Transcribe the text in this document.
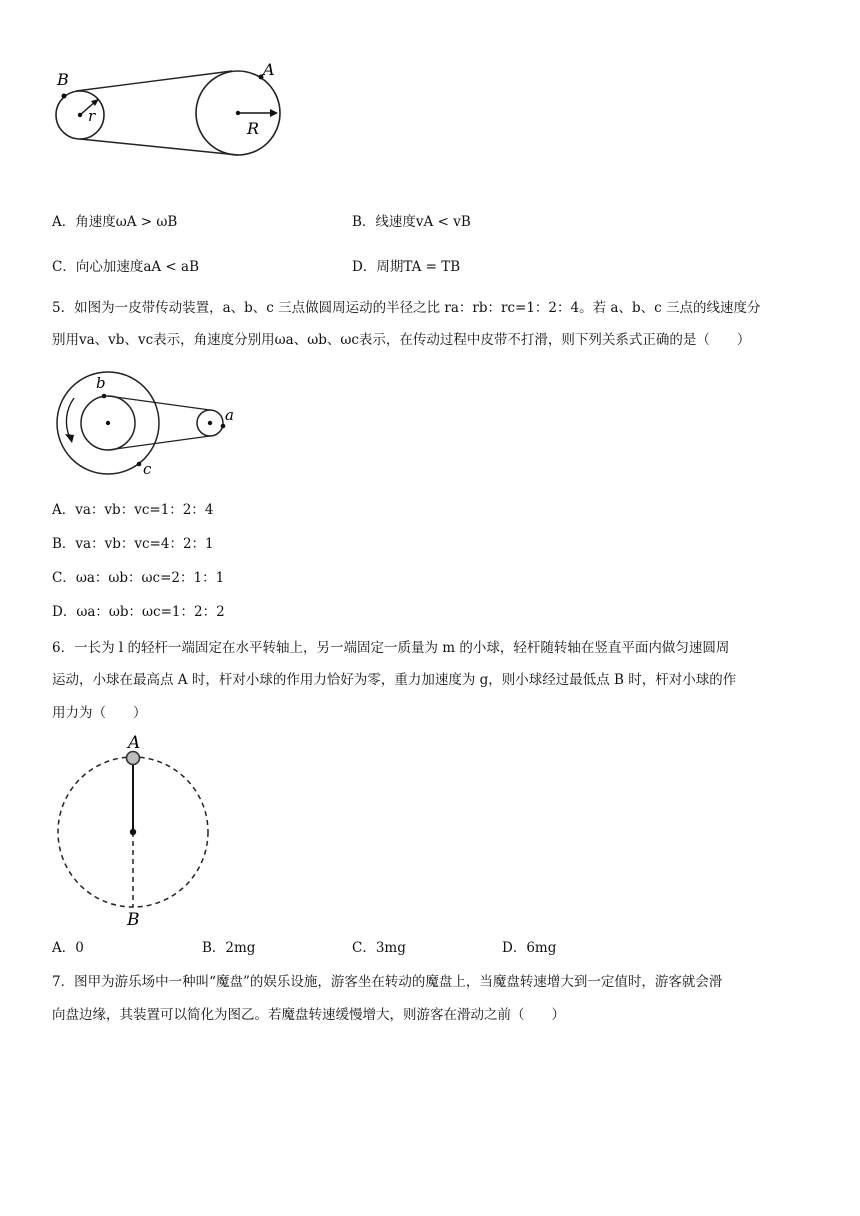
B
A
r
R
A．角速度ωA > ωB	B．线速度vA < vB
C．向心加速度aA < aB	D．周期TA = TB
5．如图为一皮带传动装置，a、b、c 三点做圆周运动的半径之比 ra：rb：rc=1：2：4。若 a、b、c 三点的线速度分
别用va、vb、vc表示，角速度分别用ωa、ωb、ωc表示，在传动过程中皮带不打滑，则下列关系式正确的是（　　）
b
a
c
A．va：vb：vc=1：2：4
B．va：vb：vc=4：2：1
C．ωa：ωb：ωc=2：1：1
D．ωa：ωb：ωc=1：2：2
6．一长为 l 的轻杆一端固定在水平转轴上，另一端固定一质量为 m 的小球，轻杆随转轴在竖直平面内做匀速圆周
运动，小球在最高点 A 时，杆对小球的作用力恰好为零，重力加速度为 g，则小球经过最低点 B 时，杆对小球的作
用力为（　　）
A
B
A．0	B．2mg	C．3mg	D．6mg
7．图甲为游乐场中一种叫“魔盘”的娱乐设施，游客坐在转动的魔盘上，当魔盘转速增大到一定值时，游客就会滑
向盘边缘，其装置可以简化为图乙。若魔盘转速缓慢增大，则游客在滑动之前（　　）
